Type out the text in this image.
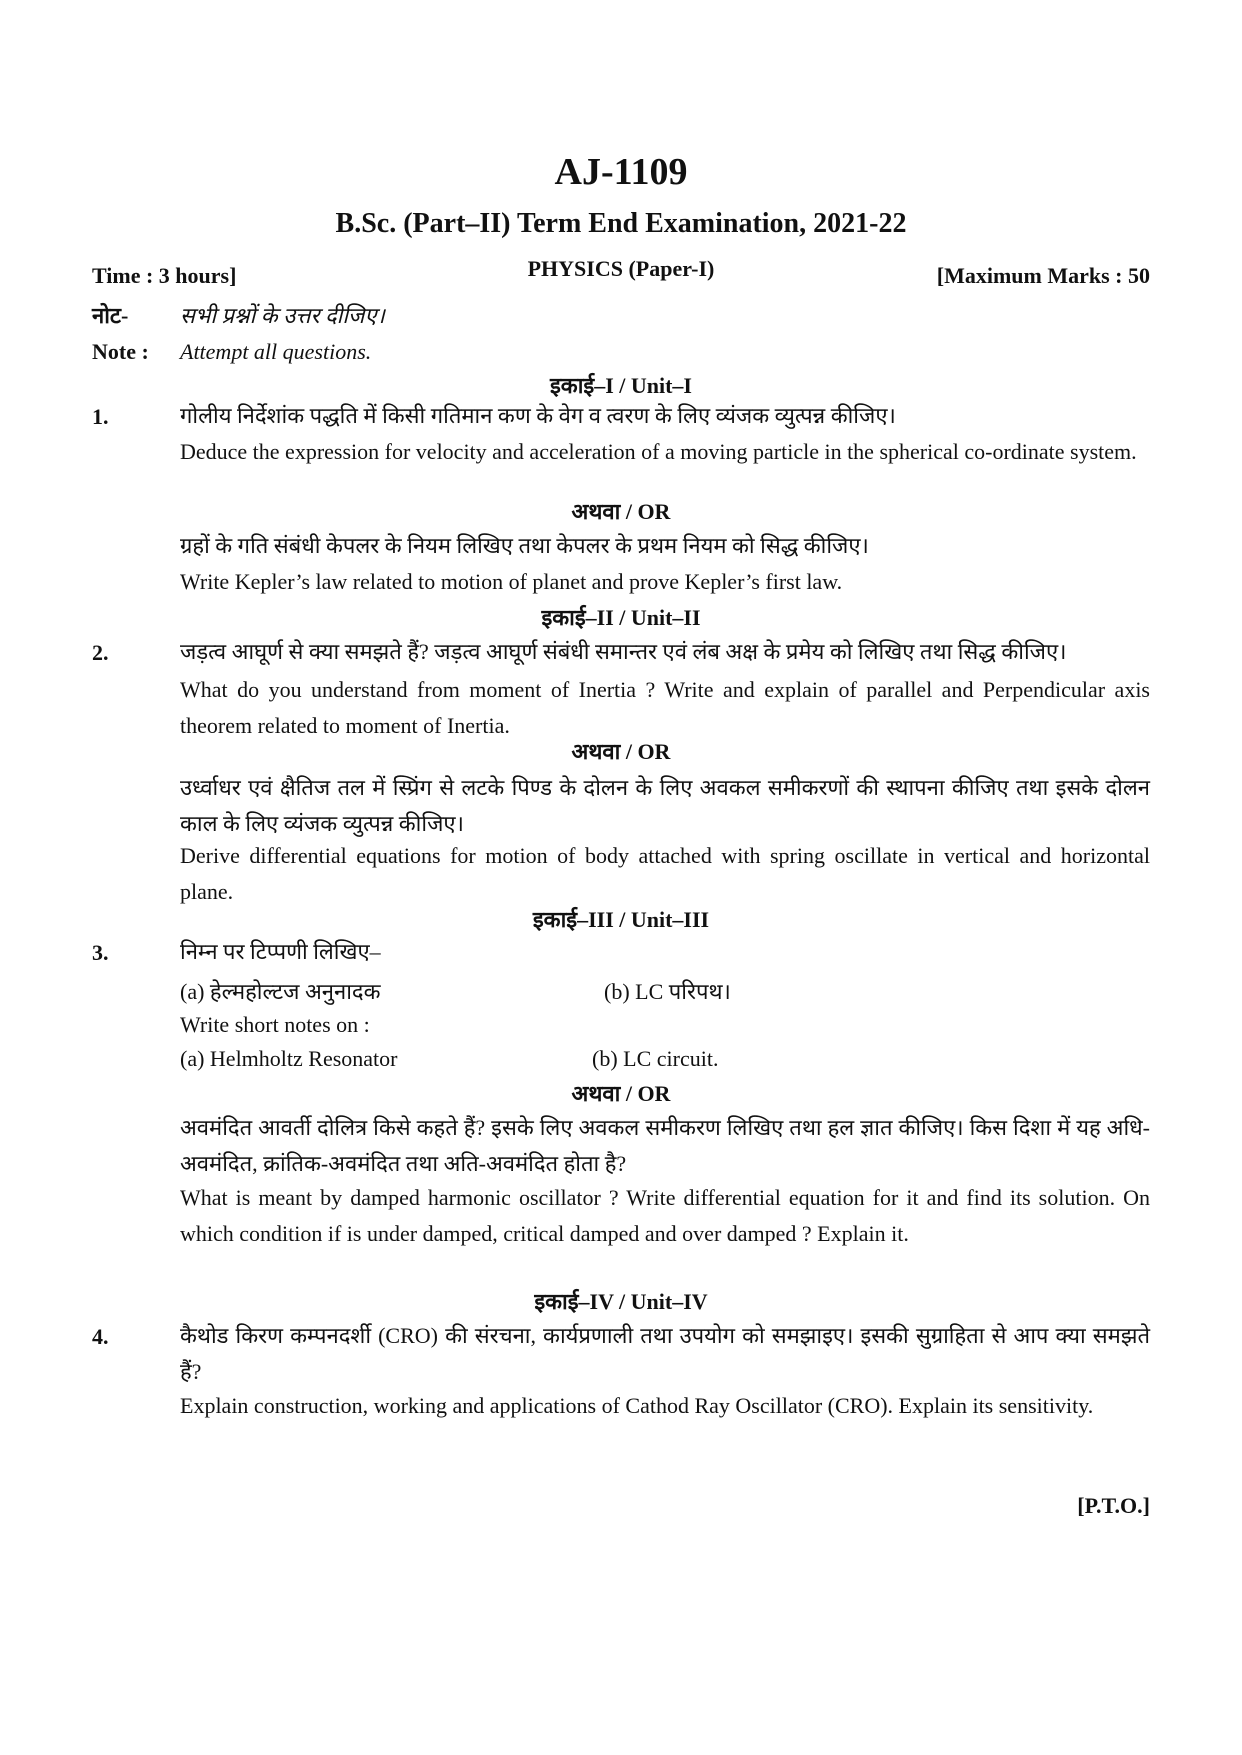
AJ-1109
B.Sc. (Part–II) Term End Examination, 2021-22
PHYSICS (Paper-I)
Time : 3 hours]	[Maximum Marks : 50
नोट- सभी प्रश्नों के उत्तर दीजिए।
Note : Attempt all questions.
इकाई–I / Unit–I
1.	गोलीय निर्देशांक पद्धति में किसी गतिमान कण के वेग व त्वरण के लिए व्यंजक व्युत्पन्न कीजिए।
Deduce the expression for velocity and acceleration of a moving particle in the spherical co-ordinate system.
अथवा / OR
ग्रहों के गति संबंधी केपलर के नियम लिखिए तथा केपलर के प्रथम नियम को सिद्ध कीजिए।
Write Kepler’s law related to motion of planet and prove Kepler’s first law.
इकाई–II / Unit–II
2.	जड़त्व आघूर्ण से क्या समझते हैं? जड़त्व आघूर्ण संबंधी समान्तर एवं लंब अक्ष के प्रमेय को लिखिए तथा सिद्ध कीजिए।
What do you understand from moment of Inertia ? Write and explain of parallel and Perpendicular axis theorem related to moment of Inertia.
अथवा / OR
उर्ध्वाधर एवं क्षैतिज तल में स्प्रिंग से लटके पिण्ड के दोलन के लिए अवकल समीकरणों की स्थापना कीजिए तथा इसके दोलन काल के लिए व्यंजक व्युत्पन्न कीजिए।
Derive differential equations for motion of body attached with spring oscillate in vertical and horizontal plane.
इकाई–III / Unit–III
3.	निम्न पर टिप्पणी लिखिए–
(a) हेल्महोल्टज अनुनादक	(b) LC परिपथ।
Write short notes on :
(a) Helmholtz Resonator	(b) LC circuit.
अथवा / OR
अवमंदित आवर्ती दोलित्र किसे कहते हैं? इसके लिए अवकल समीकरण लिखिए तथा हल ज्ञात कीजिए। किस दिशा में यह अधि-अवमंदित, क्रांतिक-अवमंदित तथा अति-अवमंदित होता है?
What is meant by damped harmonic oscillator ? Write differential equation for it and find its solution. On which condition if is under damped, critical damped and over damped ? Explain it.
इकाई–IV / Unit–IV
4.	कैथोड किरण कम्पनदर्शी (CRO) की संरचना, कार्यप्रणाली तथा उपयोग को समझाइए। इसकी सुग्राहिता से आप क्या समझते हैं?
Explain construction, working and applications of Cathod Ray Oscillator (CRO). Explain its sensitivity.
[P.T.O.]
